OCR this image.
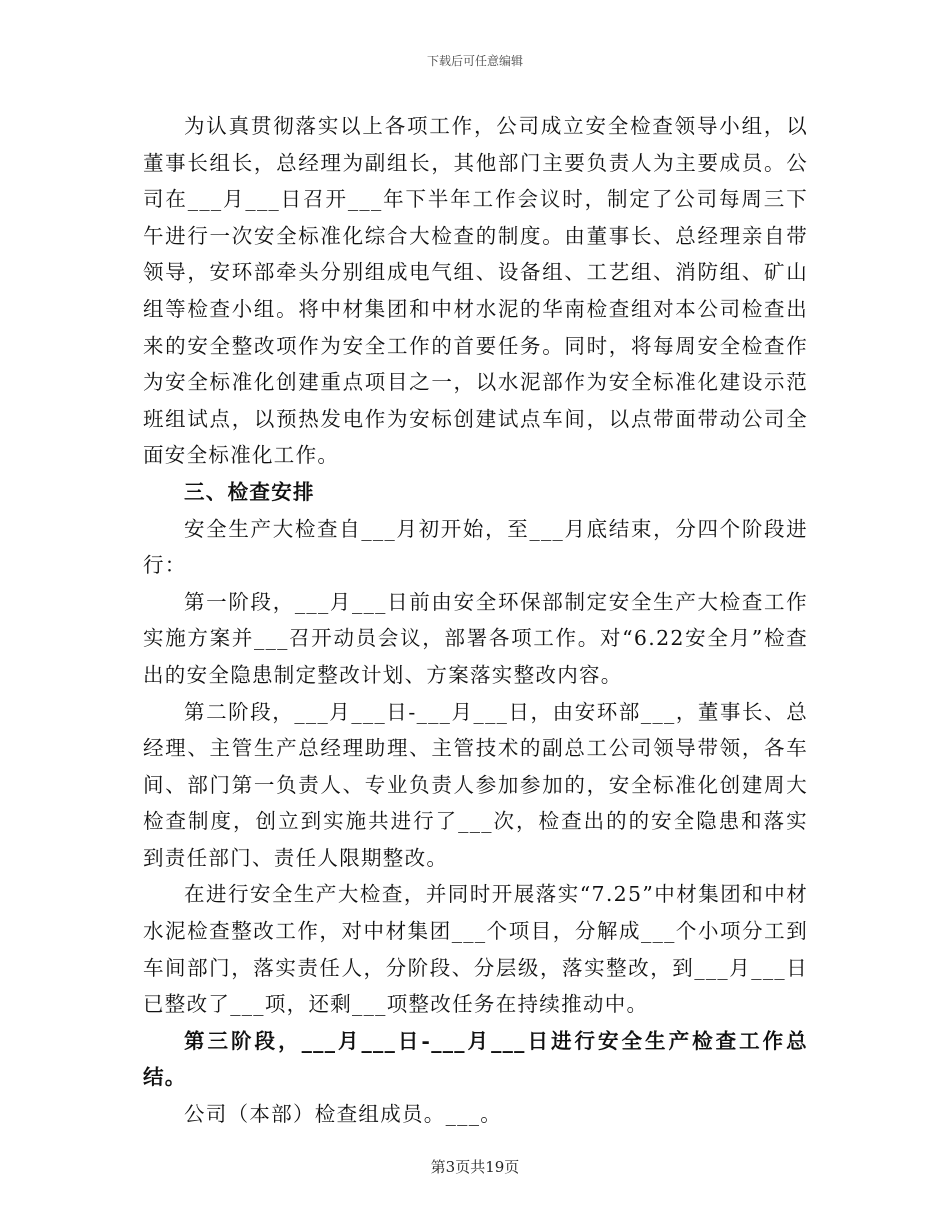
下载后可任意编辑

为认真贯彻落实以上各项工作，公司成立安全检查领导小组，以董事长组长，总经理为副组长，其他部门主要负责人为主要成员。公司在___月___日召开___年下半年工作会议时，制定了公司每周三下午进行一次安全标准化综合大检查的制度。由董事长、总经理亲自带领导，安环部牵头分别组成电气组、设备组、工艺组、消防组、矿山组等检查小组。将中材集团和中材水泥的华南检查组对本公司检查出来的安全整改项作为安全工作的首要任务。同时，将每周安全检查作为安全标准化创建重点项目之一，以水泥部作为安全标准化建设示范班组试点，以预热发电作为安标创建试点车间，以点带面带动公司全面安全标准化工作。

三、检查安排

安全生产大检查自___月初开始，至___月底结束，分四个阶段进行：

第一阶段，___月___日前由安全环保部制定安全生产大检查工作实施方案并___召开动员会议，部署各项工作。对“6.22安全月”检查出的安全隐患制定整改计划、方案落实整改内容。

第二阶段，___月___日-___月___日，由安环部___，董事长、总经理、主管生产总经理助理、主管技术的副总工公司领导带领，各车间、部门第一负责人、专业负责人参加参加的，安全标准化创建周大检查制度，创立到实施共进行了___次，检查出的的安全隐患和落实到责任部门、责任人限期整改。

在进行安全生产大检查，并同时开展落实“7.25”中材集团和中材水泥检查整改工作，对中材集团___个项目，分解成___个小项分工到车间部门，落实责任人，分阶段、分层级，落实整改，到___月___日已整改了___项，还剩___项整改任务在持续推动中。

第三阶段，___月___日-___月___日进行安全生产检查工作总结。

公司（本部）检查组成员。___。

第3页共19页
